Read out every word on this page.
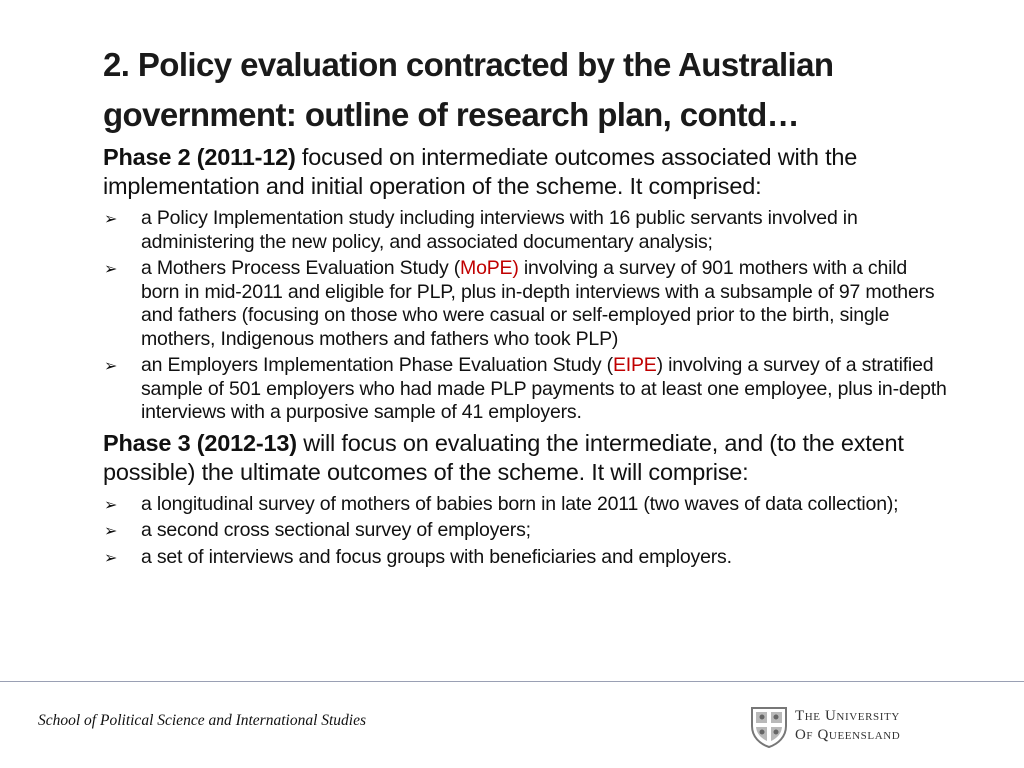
2. Policy evaluation contracted by the Australian government: outline of research plan, contd…

Phase 2 (2011-12) focused on intermediate outcomes associated with the implementation and initial operation of the scheme. It comprised:

➢ a Policy Implementation study including interviews with 16 public servants involved in administering the new policy, and associated documentary analysis;
➢ a Mothers Process Evaluation Study (MoPE) involving a survey of 901 mothers with a child born in mid-2011 and eligible for PLP, plus in-depth interviews with a subsample of 97 mothers and fathers (focusing on those who were casual or self-employed prior to the birth, single mothers, Indigenous mothers and fathers who took PLP)
➢ an Employers Implementation Phase Evaluation Study (EIPE) involving a survey of a stratified sample of 501 employers who had made PLP payments to at least one employee, plus in-depth interviews with a purposive sample of 41 employers.

Phase 3 (2012-13) will focus on evaluating the intermediate, and (to the extent possible) the ultimate outcomes of the scheme. It will comprise:

➢ a longitudinal survey of mothers of babies born in late 2011 (two waves of data collection);
➢ a second cross sectional survey of employers;
➢ a set of interviews and focus groups with beneficiaries and employers.
School of Political Science and International Studies	The University
Of Queensland
